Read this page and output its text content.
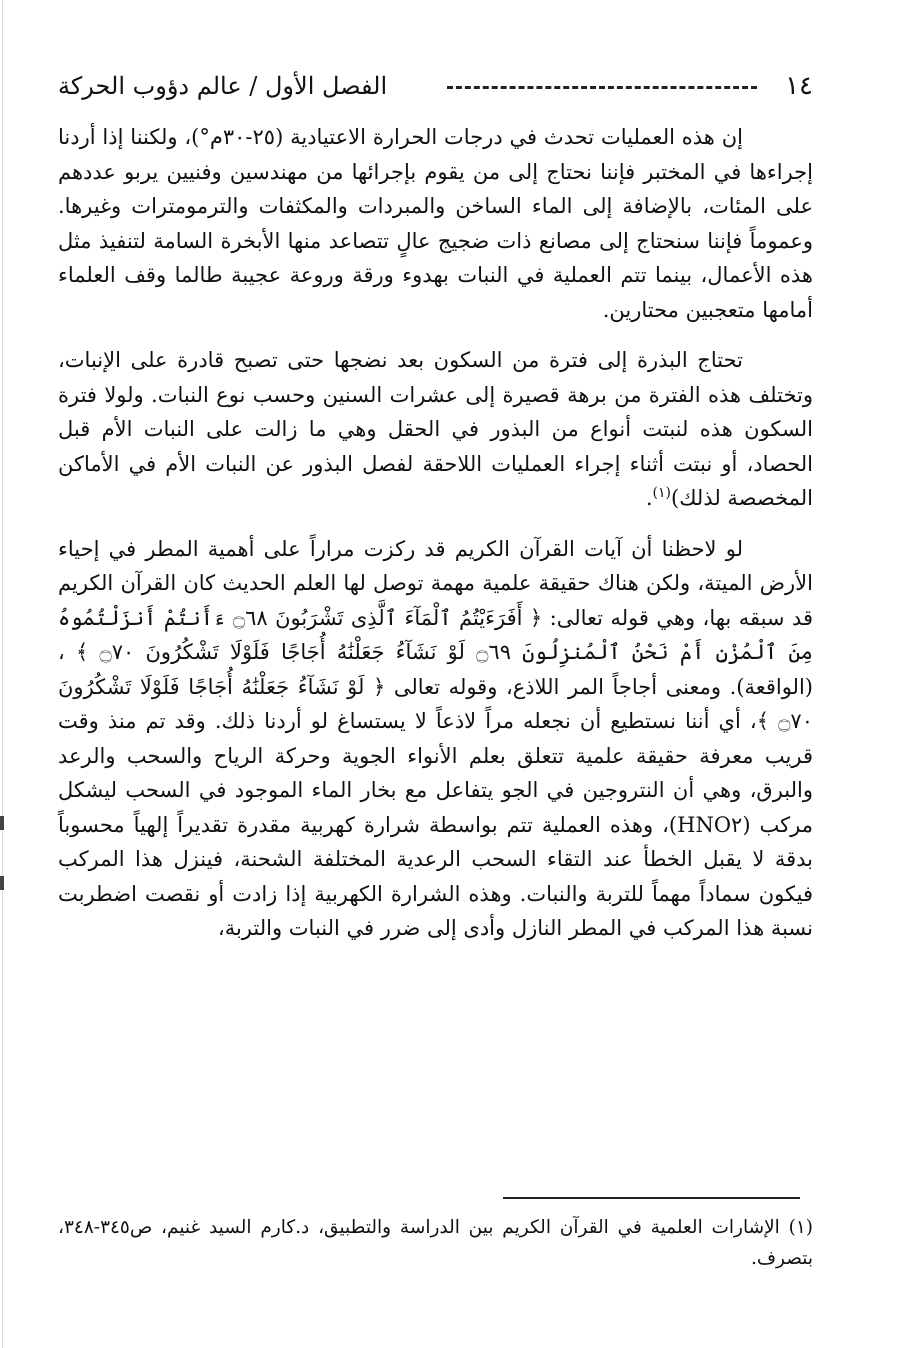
١٤
الفصل الأول / عالم دؤوب الحركة

إن هذه العمليات تحدث في درجات الحرارة الاعتيادية (٢٥-٣٠م°)، ولكننا إذا أردنا إجراءها في المختبر فإننا نحتاج إلى من يقوم بإجرائها من مهندسين وفنيين يربو عددهم على المئات، بالإضافة إلى الماء الساخن والمبردات والمكثفات والترمومترات وغيرها. وعموماً فإننا سنحتاج إلى مصانع ذات ضجيج عالٍ تتصاعد منها الأبخرة السامة لتنفيذ مثل هذه الأعمال، بينما تتم العملية في النبات بهدوء ورقة وروعة عجيبة طالما وقف العلماء أمامها متعجبين محتارين.

تحتاج البذرة إلى فترة من السكون بعد نضجها حتى تصبح قادرة على الإنبات، وتختلف هذه الفترة من برهة قصيرة إلى عشرات السنين وحسب نوع النبات. ولولا فترة السكون هذه لنبتت أنواع من البذور في الحقل وهي ما زالت على النبات الأم قبل الحصاد، أو نبتت أثناء إجراء العمليات اللاحقة لفصل البذور عن النبات الأم في الأماكن المخصصة لذلك)$^{(١)}$.

لو لاحظنا أن آيات القرآن الكريم قد ركزت مراراً على أهمية المطر في إحياء الأرض الميتة، ولكن هناك حقيقة علمية مهمة توصل لها العلم الحديث كان القرآن الكريم قد سبقه بها، وهي قوله تعالى: ﴿ أَفَرَءَيْتُمُ ٱلْمَآءَ ٱلَّذِى تَشْرَبُونَ ۝٦٨ ءَأَنتُمْ أَنزَلْتُمُوهُ مِنَ ٱلْمُزْنِ أَمْ نَحْنُ ٱلْمُنزِلُونَ ۝٦٩ لَوْ نَشَآءُ جَعَلْنَٰهُ أُجَاجًا فَلَوْلَا تَشْكُرُونَ ۝٧٠ ﴾ ، (الواقعة). ومعنى أجاجاً المر اللاذع، وقوله تعالى ﴿ لَوْ نَشَآءُ جَعَلْنَٰهُ أُجَاجًا فَلَوْلَا تَشْكُرُونَ ۝٧٠ ﴾، أي أننا نستطيع أن نجعله مراً لاذعاً لا يستساغ لو أردنا ذلك. وقد تم منذ وقت قريب معرفة حقيقة علمية تتعلق بعلم الأنواء الجوية وحركة الرياح والسحب والرعد والبرق، وهي أن النتروجين في الجو يتفاعل مع بخار الماء الموجود في السحب ليشكل مركب (HNO٢)، وهذه العملية تتم بواسطة شرارة كهربية مقدرة تقديراً إلهياً محسوباً بدقة لا يقبل الخطأ عند التقاء السحب الرعدية المختلفة الشحنة، فينزل هذا المركب فيكون سماداً مهماً للتربة والنبات. وهذه الشرارة الكهربية إذا زادت أو نقصت اضطربت نسبة هذا المركب في المطر النازل وأدى إلى ضرر في النبات والتربة،

(١) الإشارات العلمية في القرآن الكريم بين الدراسة والتطبيق، د.كارم السيد غنيم، ص٣٤٥-٣٤٨، بتصرف.
